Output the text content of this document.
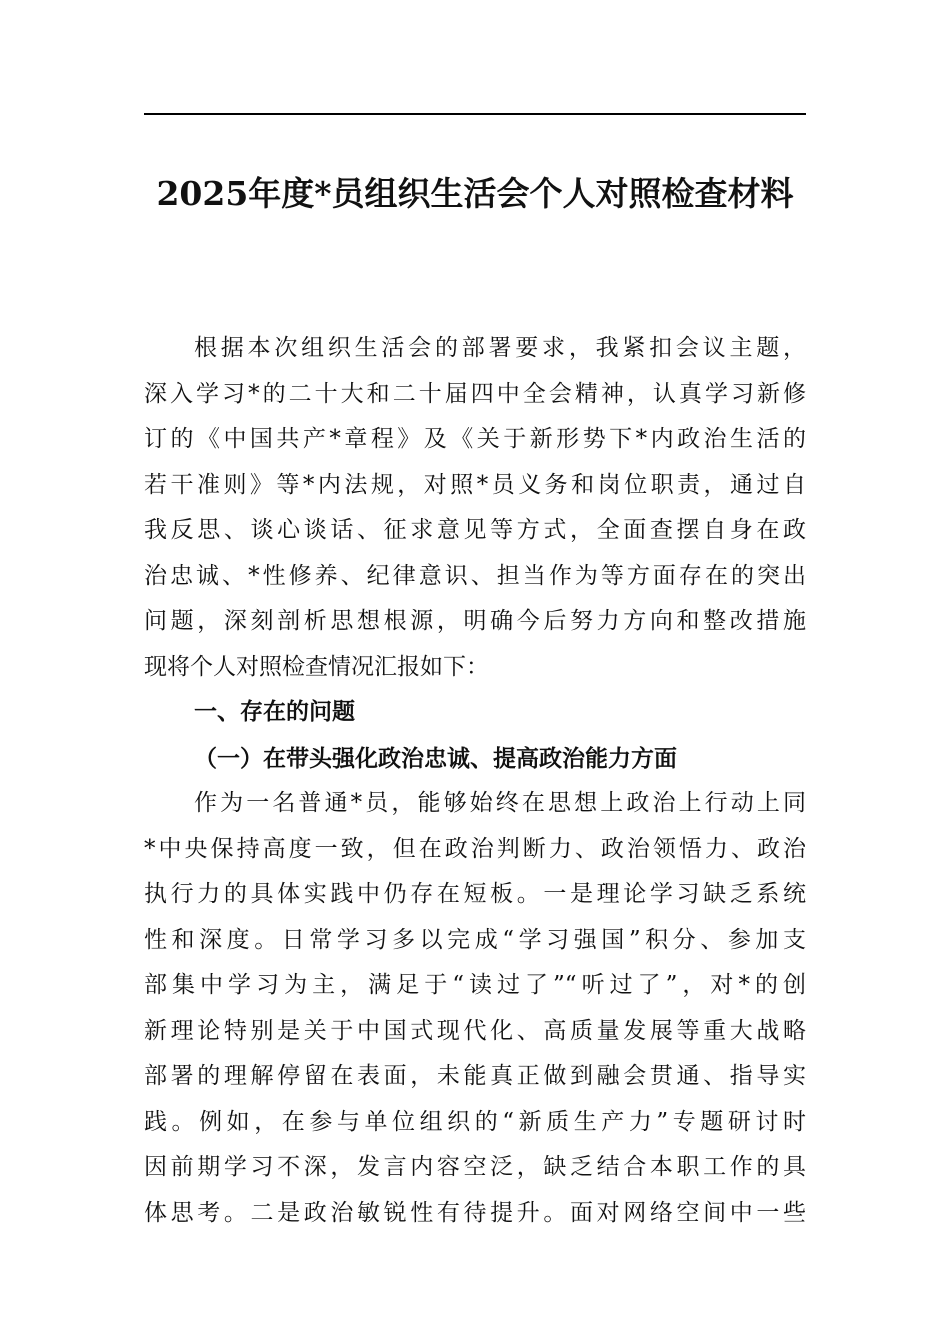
2025年度*员组织生活会个人对照检查材料
根据本次组织生活会的部署要求，我紧扣会议主题，
深入学习*的二十大和二十届四中全会精神，认真学习新修
订的《中国共产*章程》及《关于新形势下*内政治生活的
若干准则》等*内法规，对照*员义务和岗位职责，通过自
我反思、谈心谈话、征求意见等方式，全面查摆自身在政
治忠诚、*性修养、纪律意识、担当作为等方面存在的突出
问题，深刻剖析思想根源，明确今后努力方向和整改措施
现将个人对照检查情况汇报如下：
一、存在的问题
（一）在带头强化政治忠诚、提高政治能力方面
作为一名普通*员，能够始终在思想上政治上行动上同
*中央保持高度一致，但在政治判断力、政治领悟力、政治
执行力的具体实践中仍存在短板。一是理论学习缺乏系统
性和深度。日常学习多以完成“学习强国”积分、参加支
部集中学习为主，满足于“读过了”“听过了”，对*的创
新理论特别是关于中国式现代化、高质量发展等重大战略
部署的理解停留在表面，未能真正做到融会贯通、指导实
践。例如，在参与单位组织的“新质生产力”专题研讨时
因前期学习不深，发言内容空泛，缺乏结合本职工作的具
体思考。二是政治敏锐性有待提升。面对网络空间中一些
